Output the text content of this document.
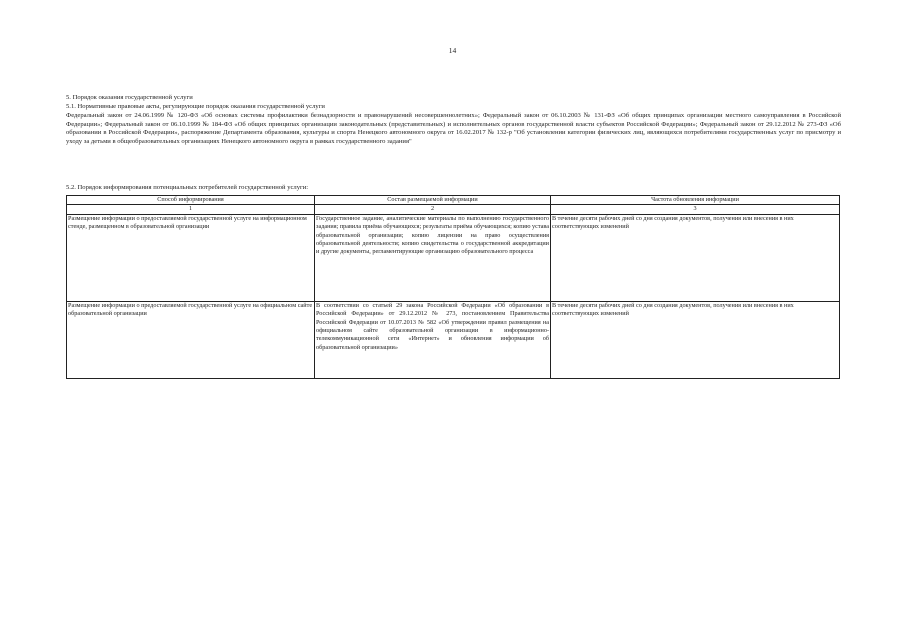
14
5. Порядок оказания государственной услуги
5.1. Нормативные правовые акты, регулирующие порядок оказания государственной услуги
Федеральный закон от 24.06.1999 № 120-ФЗ «Об основах системы профилактики безнадзорности и правонарушений несовершеннолетних»; Федеральный закон от 06.10.2003 № 131-ФЗ «Об общих принципах организации местного самоуправления в Российской Федерации»; Федеральный закон от 06.10.1999 № 184-ФЗ «Об общих принципах организации законодательных (представительных) и исполнительных органов государственной власти субъектов Российской Федерации»; Федеральный закон от 29.12.2012 № 273-ФЗ «Об образовании в Российской Федерации», распоряжение Департамента образования, культуры и спорта Ненецкого автономного округа от 16.02.2017 № 132-р "Об установлении категории физических лиц, являющихся потребителями государственных услуг по присмотру и уходу за детьми в общеобразовательных организациях Ненецкого автономного округа в рамках государственного задания"
5.2. Порядок информирования потенциальных потребителей государственной услуги:
Способ информирования	Состав размещаемой информации	Частота обновления информации
1	2	3
Размещение информации о предоставляемой государственной услуге на информационном стенде, размещенном в образовательной организации	Государственное задание, аналитические материалы по выполнению государственного задания; правила приёма обучающихся; результаты приёма обучающихся; копию устава образовательной организации; копию лицензии на право осуществления образовательной деятельности; копию свидетельства о государственной аккредитации и другие документы, регламентирующие организацию образовательного процесса	В течение десяти рабочих дней со дня создания документов, получения или внесения в них соответствующих изменений
Размещение информации о предоставляемой государственной услуге на официальном сайте образовательной организации	В соответствии со статьей 29 закона Российской Федерации «Об образовании в Российской Федерации» от 29.12.2012 № 273, постановлением Правительства Российской Федерации от 10.07.2013 № 582 «Об утверждении правил размещения на официальном сайте образовательной организации в информационно-телекоммуникационной сети «Интернет» и обновления информации об образовательной организации»	В течение десяти рабочих дней со дня создания документов, получения или внесения в них соответствующих изменений
